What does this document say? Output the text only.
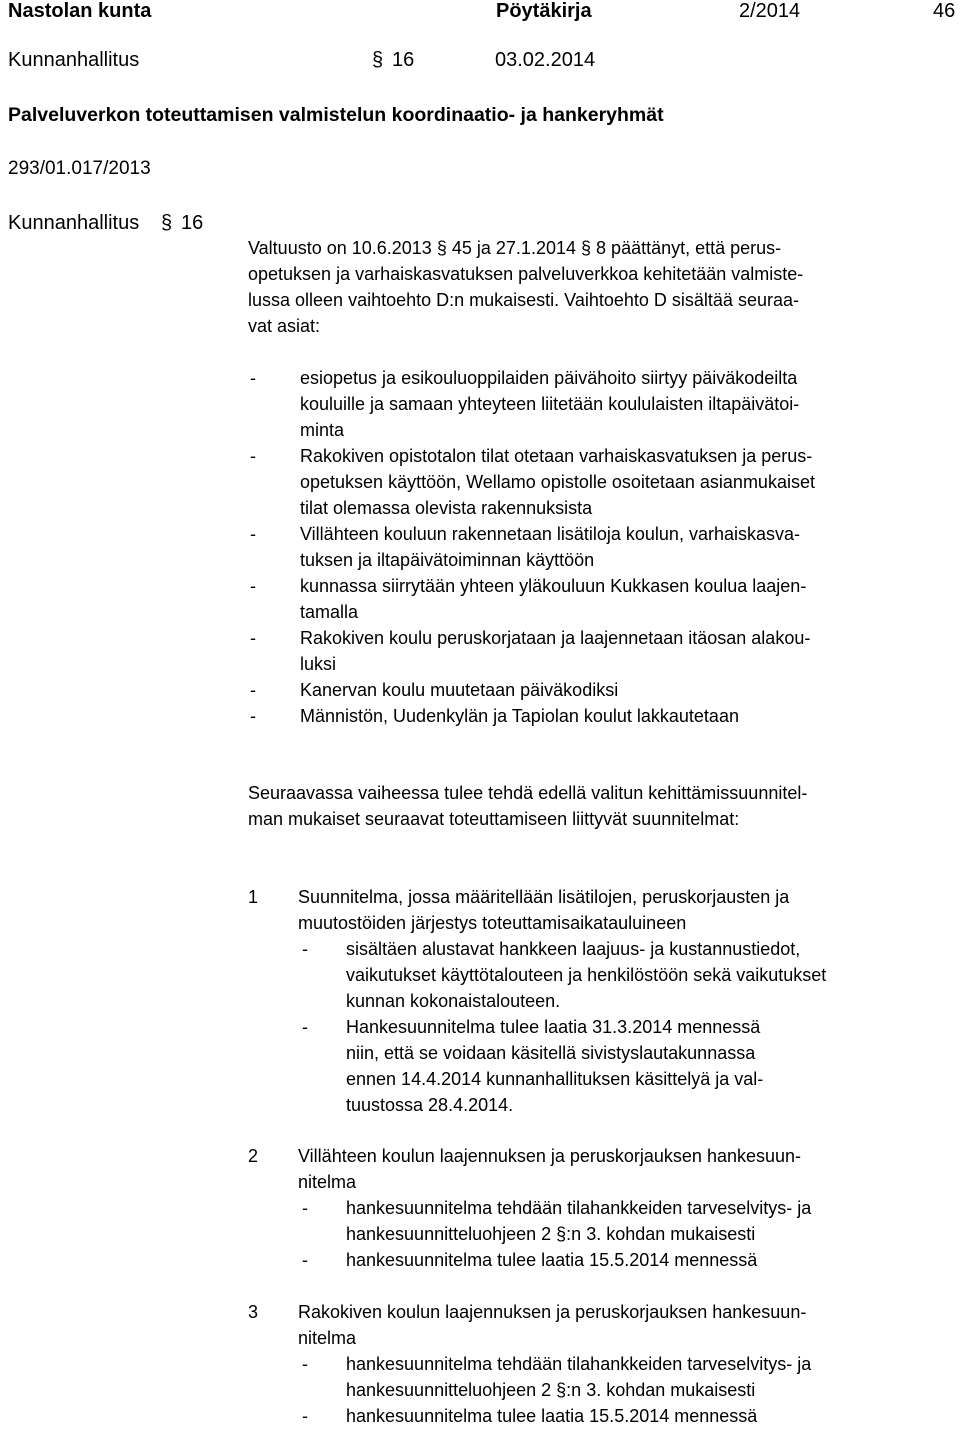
Nastolan kunta	Pöytäkirja	2/2014	46
Kunnanhallitus	§ 16	03.02.2014
Palveluverkon toteuttamisen valmistelun koordinaatio- ja hankeryhmät
293/01.017/2013
Kunnanhallitus § 16
Valtuusto on 10.6.2013 § 45 ja 27.1.2014 § 8 päättänyt, että perus-
opetuksen ja varhaiskasvatuksen palveluverkkoa kehitetään valmiste-
lussa olleen vaihtoehto D:n mukaisesti. Vaihtoehto D sisältää seuraa-
vat asiat:
- esiopetus ja esikouluoppilaiden päivähoito siirtyy päiväkodeilta
kouluille ja samaan yhteyteen liitetään koululaisten iltapäivätoi-
minta
- Rakokiven opistotalon tilat otetaan varhaiskasvatuksen ja perus-
opetuksen käyttöön, Wellamo opistolle osoitetaan asianmukaiset
tilat olemassa olevista rakennuksista
- Villähteen kouluun rakennetaan lisätiloja koulun, varhaiskasva-
tuksen ja iltapäivätoiminnan käyttöön
- kunnassa siirrytään yhteen yläkouluun Kukkasen koulua laajen-
tamalla
- Rakokiven koulu peruskorjataan ja laajennetaan itäosan alakou-
luksi
- Kanervan koulu muutetaan päiväkodiksi
- Männistön, Uudenkylän ja Tapiolan koulut lakkautetaan
Seuraavassa vaiheessa tulee tehdä edellä valitun kehittämissuunnitel-
man mukaiset seuraavat toteuttamiseen liittyvät suunnitelmat:
1 Suunnitelma, jossa määritellään lisätilojen, peruskorjausten ja
muutostöiden järjestys toteuttamisaikatauluineen
- sisältäen alustavat hankkeen laajuus- ja kustannustiedot,
vaikutukset käyttötalouteen ja henkilöstöön sekä vaikutukset
kunnan kokonaistalouteen.
- Hankesuunnitelma tulee laatia 31.3.2014 mennessä
niin, että se voidaan käsitellä sivistyslautakunnassa
ennen 14.4.2014 kunnanhallituksen käsittelyä ja val-
tuustossa 28.4.2014.
2 Villähteen koulun laajennuksen ja peruskorjauksen hankesuun-
nitelma
- hankesuunnitelma tehdään tilahankkeiden tarveselvitys- ja
hankesuunnitteluohjeen 2 §:n 3. kohdan mukaisesti
- hankesuunnitelma tulee laatia 15.5.2014 mennessä
3 Rakokiven koulun laajennuksen ja peruskorjauksen hankesuun-
nitelma
- hankesuunnitelma tehdään tilahankkeiden tarveselvitys- ja
hankesuunnitteluohjeen 2 §:n 3. kohdan mukaisesti
- hankesuunnitelma tulee laatia 15.5.2014 mennessä
